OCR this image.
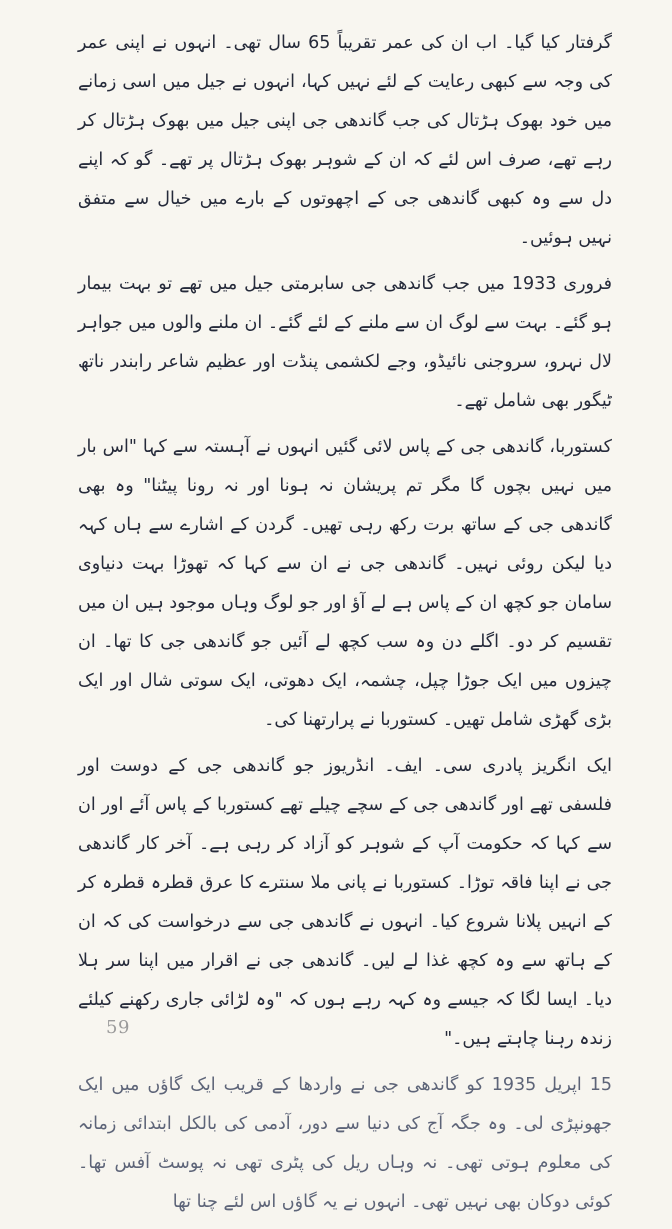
گرفتار کیا گیا۔ اب ان کی عمر تقریباً 65 سال تھی۔ انہوں نے اپنی عمر کی وجہ سے کبھی رعایت کے لئے نہیں کہا، انہوں نے جیل میں اسی زمانے میں خود بھوک ہڑتال کی جب گاندھی جی اپنی جیل میں بھوک ہڑتال کر رہے تھے، صرف اس لئے کہ ان کے شوہر بھوک ہڑتال پر تھے۔ گو کہ اپنے دل سے وہ کبھی گاندھی جی کے اچھوتوں کے بارے میں خیال سے متفق نہیں ہوئیں۔

فروری 1933 میں جب گاندھی جی سابرمتی جیل میں تھے تو بہت بیمار ہو گئے۔ بہت سے لوگ ان سے ملنے کے لئے گئے۔ ان ملنے والوں میں جواہر لال نہرو، سروجنی نائیڈو، وجے لکشمی پنڈت اور عظیم شاعر رابندر ناتھ ٹیگور بھی شامل تھے۔

کستوربا، گاندھی جی کے پاس لائی گئیں انہوں نے آہستہ سے کہا "اس بار میں نہیں بچوں گا مگر تم پریشان نہ ہونا اور نہ رونا پیٹنا" وہ بھی گاندھی جی کے ساتھ برت رکھ رہی تھیں۔ گردن کے اشارے سے ہاں کہہ دیا لیکن روئی نہیں۔ گاندھی جی نے ان سے کہا کہ تھوڑا بہت دنیاوی سامان جو کچھ ان کے پاس ہے لے آؤ اور جو لوگ وہاں موجود ہیں ان میں تقسیم کر دو۔ اگلے دن وہ سب کچھ لے آئیں جو گاندھی جی کا تھا۔ ان چیزوں میں ایک جوڑا چپل، چشمہ، ایک دھوتی، ایک سوتی شال اور ایک بڑی گھڑی شامل تھیں۔ کستوربا نے پرارتھنا کی۔

ایک انگریز پادری سی۔ ایف۔ انڈریوز جو گاندھی جی کے دوست اور فلسفی تھے اور گاندھی جی کے سچے چیلے تھے کستوربا کے پاس آئے اور ان سے کہا کہ حکومت آپ کے شوہر کو آزاد کر رہی ہے۔ آخر کار گاندھی جی نے اپنا فاقہ توڑا۔ کستوربا نے پانی ملا سنترے کا عرق قطرہ قطرہ کر کے انہیں پلانا شروع کیا۔ انہوں نے گاندھی جی سے درخواست کی کہ ان کے ہاتھ سے وہ کچھ غذا لے لیں۔ گاندھی جی نے اقرار میں اپنا سر ہلا دیا۔ ایسا لگا کہ جیسے وہ کہہ رہے ہوں کہ "وہ لڑائی جاری رکھنے کیلئے زندہ رہنا چاہتے ہیں۔"

15 اپریل 1935 کو گاندھی جی نے واردھا کے قریب ایک گاؤں میں ایک جھونپڑی لی۔ وہ جگہ آج کی دنیا سے دور، آدمی کی بالکل ابتدائی زمانہ کی معلوم ہوتی تھی۔ نہ وہاں ریل کی پٹری تھی نہ پوسٹ آفس تھا۔ کوئی دوکان بھی نہیں تھی۔ انہوں نے یہ گاؤں اس لئے چنا تھا

59
